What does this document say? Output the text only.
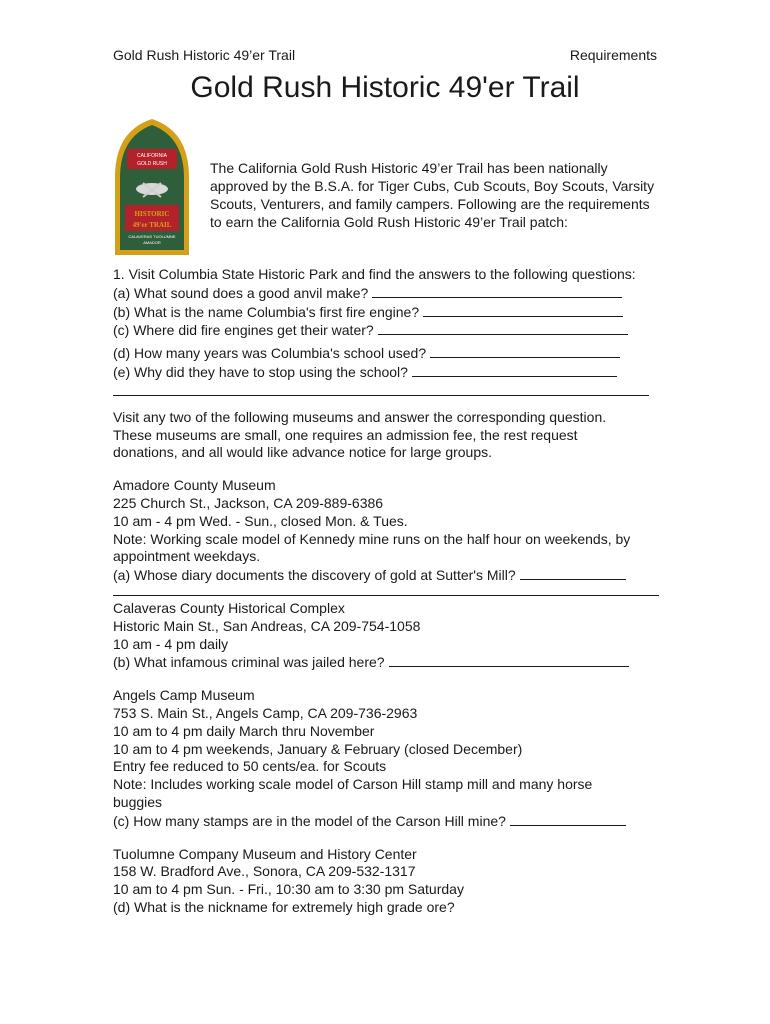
Gold Rush Historic 49’er Trail	Requirements
Gold Rush Historic 49'er Trail
CALIFORNIA
GOLD RUSH
HISTORIC
49'er TRAIL
CALAVERAS TUOLUMNE
AMADOR
The California Gold Rush Historic 49’er Trail has been nationally approved by the B.S.A. for Tiger Cubs, Cub Scouts, Boy Scouts, Varsity Scouts, Venturers, and family campers. Following are the requirements to earn the California Gold Rush Historic 49’er Trail patch:

1. Visit Columbia State Historic Park and find the answers to the following questions:

(a) What sound does a good anvil make?

(b) What is the name Columbia's first fire engine?

(c) Where did fire engines get their water?

(d) How many years was Columbia's school used?

(e) Why did they have to stop using the school?

Visit any two of the following museums and answer the corresponding question.

These museums are small, one requires an admission fee, the rest request

donations, and all would like advance notice for large groups.

Amadore County Museum

225 Church St., Jackson, CA 209-889-6386

10 am - 4 pm Wed. - Sun., closed Mon. & Tues.

Note: Working scale model of Kennedy mine runs on the half hour on weekends, by

appointment weekdays.

(a) Whose diary documents the discovery of gold at Sutter's Mill?

Calaveras County Historical Complex

Historic Main St., San Andreas, CA 209-754-1058

10 am - 4 pm daily

(b) What infamous criminal was jailed here?

Angels Camp Museum

753 S. Main St., Angels Camp, CA 209-736-2963

10 am to 4 pm daily March thru November

10 am to 4 pm weekends, January & February (closed December)

Entry fee reduced to 50 cents/ea. for Scouts

Note: Includes working scale model of Carson Hill stamp mill and many horse

buggies

(c) How many stamps are in the model of the Carson Hill mine?

Tuolumne Company Museum and History Center

158 W. Bradford Ave., Sonora, CA 209-532-1317

10 am to 4 pm Sun. - Fri., 10:30 am to 3:30 pm Saturday

(d) What is the nickname for extremely high grade ore?
